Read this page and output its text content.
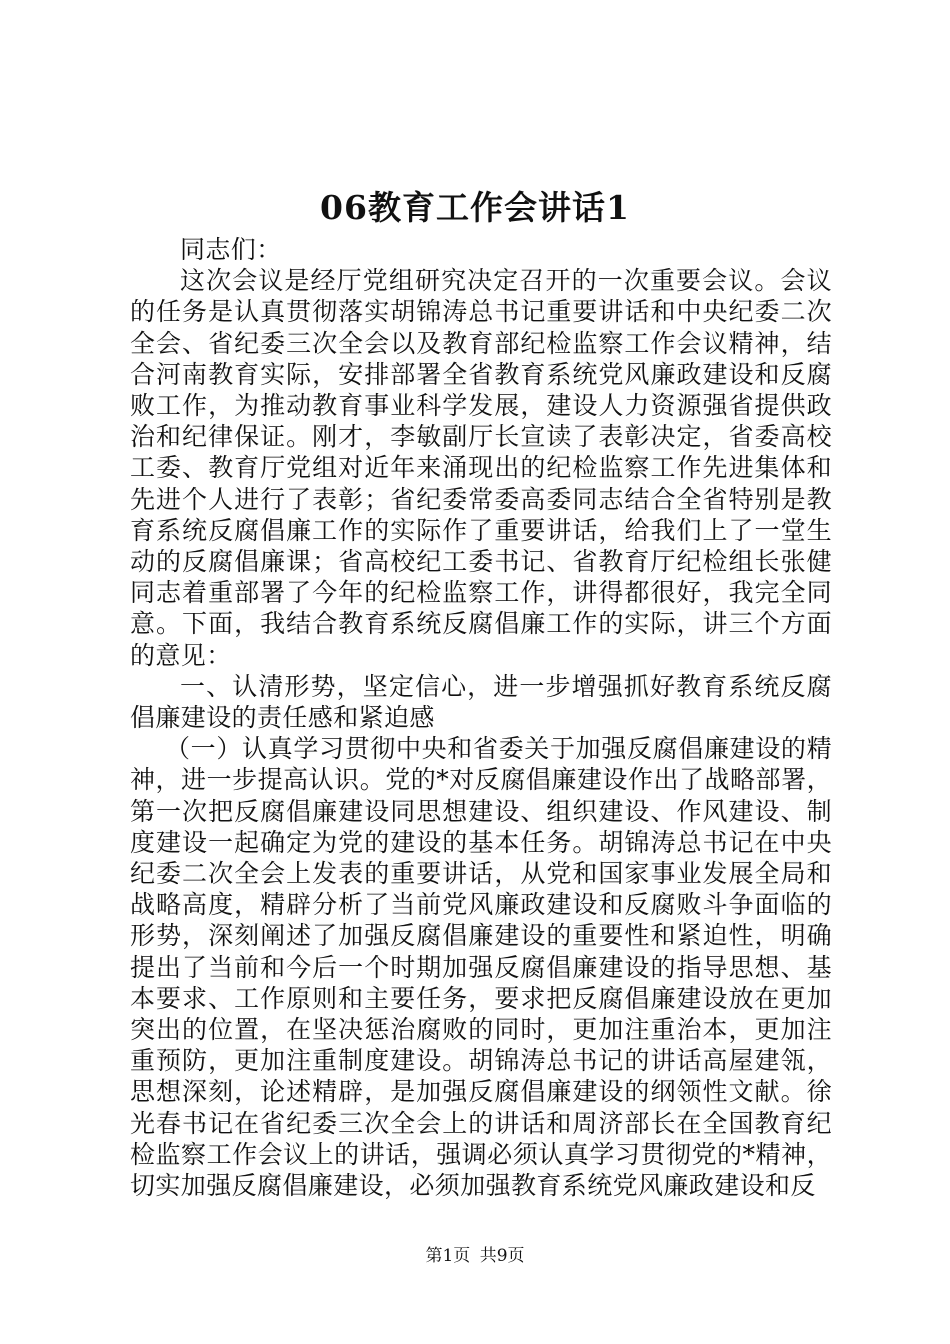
06教育工作会讲话1

同志们：

这次会议是经厅党组研究决定召开的一次重要会议。会议的任务是认真贯彻落实胡锦涛总书记重要讲话和中央纪委二次全会、省纪委三次全会以及教育部纪检监察工作会议精神，结合河南教育实际，安排部署全省教育系统党风廉政建设和反腐败工作，为推动教育事业科学发展，建设人力资源强省提供政治和纪律保证。刚才，李敏副厅长宣读了表彰决定，省委高校工委、教育厅党组对近年来涌现出的纪检监察工作先进集体和先进个人进行了表彰；省纪委常委高委同志结合全省特别是教育系统反腐倡廉工作的实际作了重要讲话，给我们上了一堂生动的反腐倡廉课；省高校纪工委书记、省教育厅纪检组长张健同志着重部署了今年的纪检监察工作，讲得都很好，我完全同意。下面，我结合教育系统反腐倡廉工作的实际，讲三个方面的意见：

一、认清形势，坚定信心，进一步增强抓好教育系统反腐倡廉建设的责任感和紧迫感

（一）认真学习贯彻中央和省委关于加强反腐倡廉建设的精神，进一步提高认识。党的*对反腐倡廉建设作出了战略部署，第一次把反腐倡廉建设同思想建设、组织建设、作风建设、制度建设一起确定为党的建设的基本任务。胡锦涛总书记在中央纪委二次全会上发表的重要讲话，从党和国家事业发展全局和战略高度，精辟分析了当前党风廉政建设和反腐败斗争面临的形势，深刻阐述了加强反腐倡廉建设的重要性和紧迫性，明确提出了当前和今后一个时期加强反腐倡廉建设的指导思想、基本要求、工作原则和主要任务，要求把反腐倡廉建设放在更加突出的位置，在坚决惩治腐败的同时，更加注重治本，更加注重预防，更加注重制度建设。胡锦涛总书记的讲话高屋建瓴，思想深刻，论述精辟，是加强反腐倡廉建设的纲领性文献。徐光春书记在省纪委三次全会上的讲话和周济部长在全国教育纪检监察工作会议上的讲话，强调必须认真学习贯彻党的*精神，切实加强反腐倡廉建设，必须加强教育系统党风廉政建设和反

第1页 共9页
